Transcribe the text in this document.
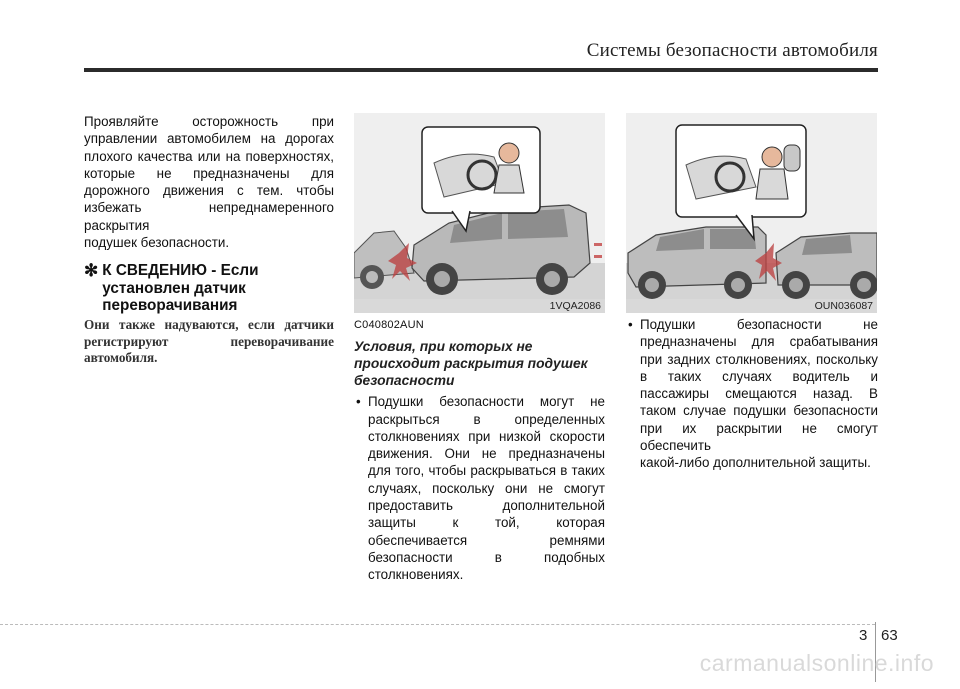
Системы безопасности автомобиля
Проявляйте осторожность при управлении автомобилем на дорогах плохого качества или на поверхностях, которые не предназначены для дорожного движения с тем. чтобы избежать непреднамеренного раскрытия
подушек безопасности.
✻ К СВЕДЕНИЮ - Если установлен датчик переворачивания
Они также надуваются, если датчики регистрируют переворачивание
автомобиля.
1VQA2086
C040802AUN
Условия, при которых не происходит раскрытия подушек безопасности
• Подушки безопасности могут не раскрыться в определенных столкновениях при низкой скорости движения. Они не предназначены для того, чтобы раскрываться в таких случаях, поскольку они не смогут предоставить дополнительной защиты к той, которая обеспечивается ремнями безопасности в подобных
столкновениях.
OUN036087
• Подушки безопасности не предназначены для срабатывания при задних столкновениях, поскольку в таких случаях водитель и пассажиры смещаются назад. В таком случае подушки безопасности при их раскрытии не смогут обеспечить
какой-либо дополнительной защиты.
3 63
carmanualsonline.info
